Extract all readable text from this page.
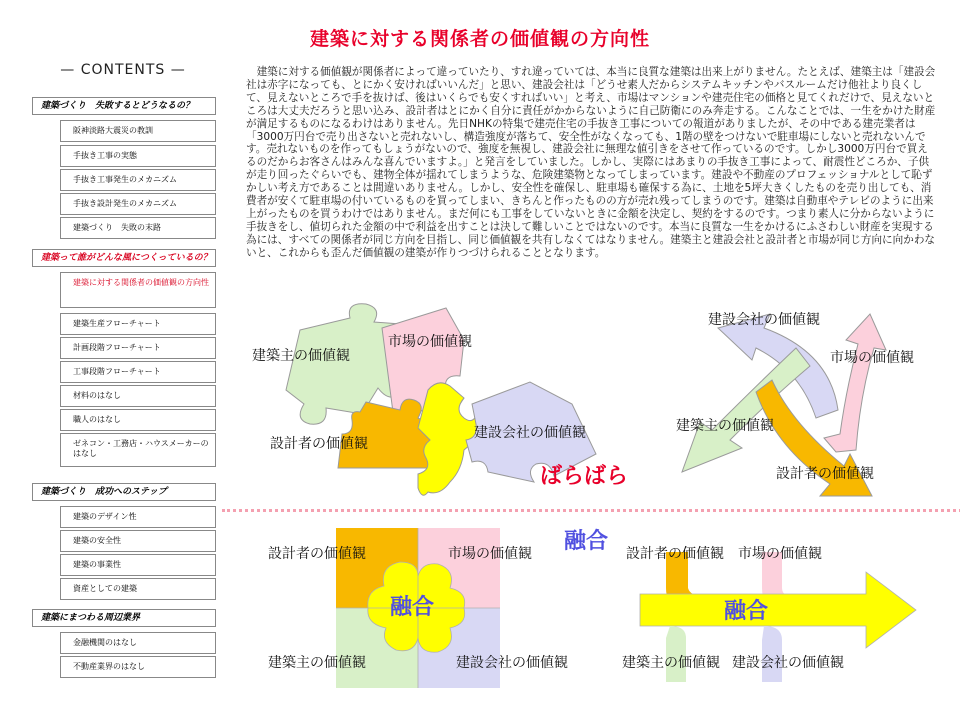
建築に対する関係者の価値観の方向性
— CONTENTS —
建築づくり　失敗するとどうなるの？
阪神淡路大震災の教訓
手抜き工事の実態
手抜き工事発生のメカニズム
手抜き設計発生のメカニズム
建築づくり　失敗の末路
建築って誰がどんな風につくっているの？
建築に対する関係者の価値観の方向性
建築生産フローチャート
計画段階フローチャート
工事段階フローチャート
材料のはなし
職人のはなし
ゼネコン・工務店・ハウスメーカーのはなし
建築づくり　成功へのステップ
建築のデザイン性
建築の安全性
建築の事業性
資産としての建築
建築にまつわる周辺業界
金融機関のはなし
不動産業界のはなし
　建築に対する価値観が関係者によって違っていたり、すれ違っていては、本当に良質な建築は出来上がりません。たとえば、建築主は「建設会社は赤字になっても、とにかく安ければいいんだ」と思い、建設会社は「どうせ素人だからシステムキッチンやバスルームだけ他社より良くして、見えないところで手を抜けば、後はいくらでも安くすればいい」と考え、市場はマンションや建売住宅の価格と見てくれだけで、見えないところは大丈夫だろうと思い込み、設計者はとにかく自分に責任がかからないように自己防衛にのみ奔走する。こんなことでは、一生をかけた財産が満足するものになるわけはありません。先日NHKの特集で建売住宅の手抜き工事についての報道がありましたが、その中である建売業者は「3000万円台で売り出さないと売れないし、構造強度が落ちて、安全性がなくなっても、1階の壁をつけないで駐車場にしないと売れないんです。売れないものを作ってもしょうがないので、強度を無視し、建設会社に無理な値引きをさせて作っているのです。しかし3000万円台で買えるのだからお客さんはみんな喜んでいますよ。」と発言をしていました。しかし、実際にはあまりの手抜き工事によって、耐震性どころか、子供が走り回ったぐらいでも、建物全体が揺れてしまうような、危険建築物となってしまっています。建設や不動産のプロフェッショナルとして恥ずかしい考え方であることは間違いありません。しかし、安全性を確保し、駐車場も確保する為に、土地を5坪大きくしたものを売り出しても、消費者が安くて駐車場の付いているものを買ってしまい、きちんと作ったものの方が売れ残ってしまうのです。建築は自動車やテレビのように出来上がったものを買うわけではありません。まだ何にも工事をしていないときに金額を決定し、契約をするのです。つまり素人に分からないように手抜きをし、値切られた金額の中で利益を出すことは決して難しいことではないのです。本当に良質な一生をかけるにふさわしい財産を実現する為には、すべての関係者が同じ方向を目指し、同じ価値観を共有しなくてはなりません。建築主と建設会社と設計者と市場が同じ方向に向かわないと、これからも歪んだ価値観の建築が作りつづけられることとなります。
建築主の価値観
市場の価値観
設計者の価値観
建設会社の価値観
ばらばら
建設会社の価値観
市場の価値観
建築主の価値観
設計者の価値観
融合
設計者の価値観	市場の価値観
建築主の価値観	建設会社の価値観
融合
設計者の価値観 市場の価値観
融合
建築主の価値観 建設会社の価値観
